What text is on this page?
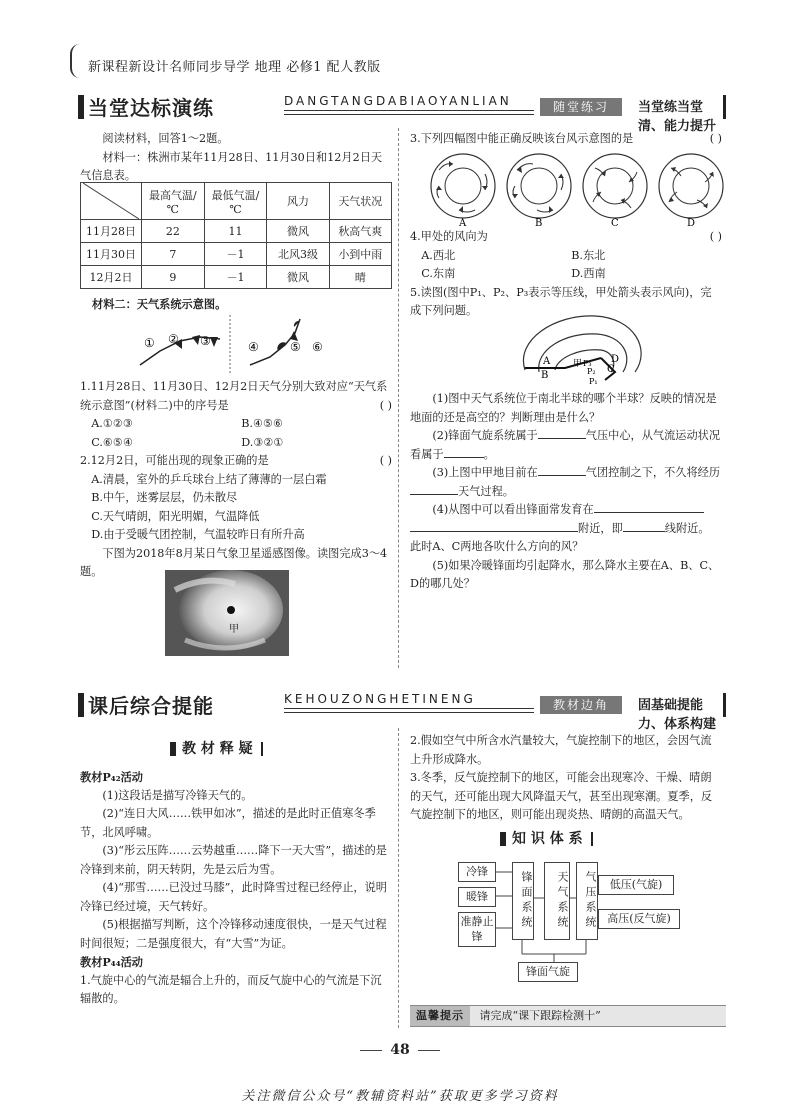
新课程新设计名师同步导学 地理 必修1 配人教版
当堂达标演练	DANGTANGDABIAOYANLIAN	随堂练习	当堂练当堂清、能力提升

阅读材料，回答1～2题。

材料一：株洲市某年11月28日、11月30日和12月2日天气信息表。

	最高气温/℃	最低气温/℃	风力	天气状况
11月28日	22	11	微风	秋高气爽
11月30日	7	－1	北风3级	小到中雨
12月2日	9	－1	微风	晴
材料二：天气系统示意图。
① ② ③	④	⑤ ⑥

1.11月28日、11月30日、12月2日天气分别大致对应“天气系统示意图”(材料二)中的序号是	( )

A.①②③	B.④⑤⑥

C.⑥⑤④	D.③②①

2.12月2日，可能出现的现象正确的是	( )

A.清晨，室外的乒乓球台上结了薄薄的一层白霜

B.中午，迷雾层层，仍未散尽

C.天气晴朗，阳光明媚，气温降低

D.由于受暖气团控制，气温较昨日有所升高

下图为2018年8月某日气象卫星遥感图像。读图完成3～4题。

甲

3.下列四幅图中能正确反映该台风示意图的是	( )

A	B	C	D

4.甲处的风向为	( )

A.西北	B.东北

C.东南	D.西南

5.读图(图中P₁、P₂、P₃表示等压线，甲处箭头表示风向)，完成下列问题。

A
B
C
D
甲 P₃
P₂
P₁

(1)图中天气系统位于南北半球的哪个半球？反映的情况是地面的还是高空的？判断理由是什么？

(2)锋面气旋系统属于	气压中心，从气流运动状况看属于	。

(3)上图中甲地目前在	气团控制之下，不久将经历天气过程。

(4)从图中可以看出锋面常发育在
附近，即	线附近。

此时A、C两地各吹什么方向的风？

(5)如果冷暖锋面均引起降水，那么降水主要在A、B、C、D的哪几处？

课后综合提能	KEHOUZONGHETINENG	教材边角	固基础提能力、体系构建
教 材 释 疑

教材P₄₂活动

(1)这段话是描写冷锋天气的。

(2)“连日大风……铁甲如冰”，描述的是此时正值寒冬季节，北风呼啸。

(3)“彤云压阵……云势越重……降下一天大雪”，描述的是冷锋到来前，阴天转阴，先是云后为雪。

(4)“那雪……已没过马膝”，此时降雪过程已经停止，说明冷锋已经过境，天气转好。

(5)根据描写判断，这个冷锋移动速度很快，一是天气过程时间很短；二是强度很大，有“大雪”为证。

教材P₄₄活动

1.气旋中心的气流是辐合上升的，而反气旋中心的气流是下沉辐散的。

2.假如空气中所含水汽量较大，气旋控制下的地区，会因气流上升形成降水。

3.冬季，反气旋控制下的地区，可能会出现寒冷、干燥、晴朗的天气，还可能出现大风降温天气，甚至出现寒潮。夏季，反气旋控制下的地区，则可能出现炎热、晴朗的高温天气。

知 识 体 系
冷锋
暖锋
准静止锋
锋面系统	天气系统	气压系统	低压(气旋)
高压(反气旋)
锋面气旋
温馨提示 请完成“课下跟踪检测十”
48
关注微信公众号“教辅资料站”获取更多学习资料
